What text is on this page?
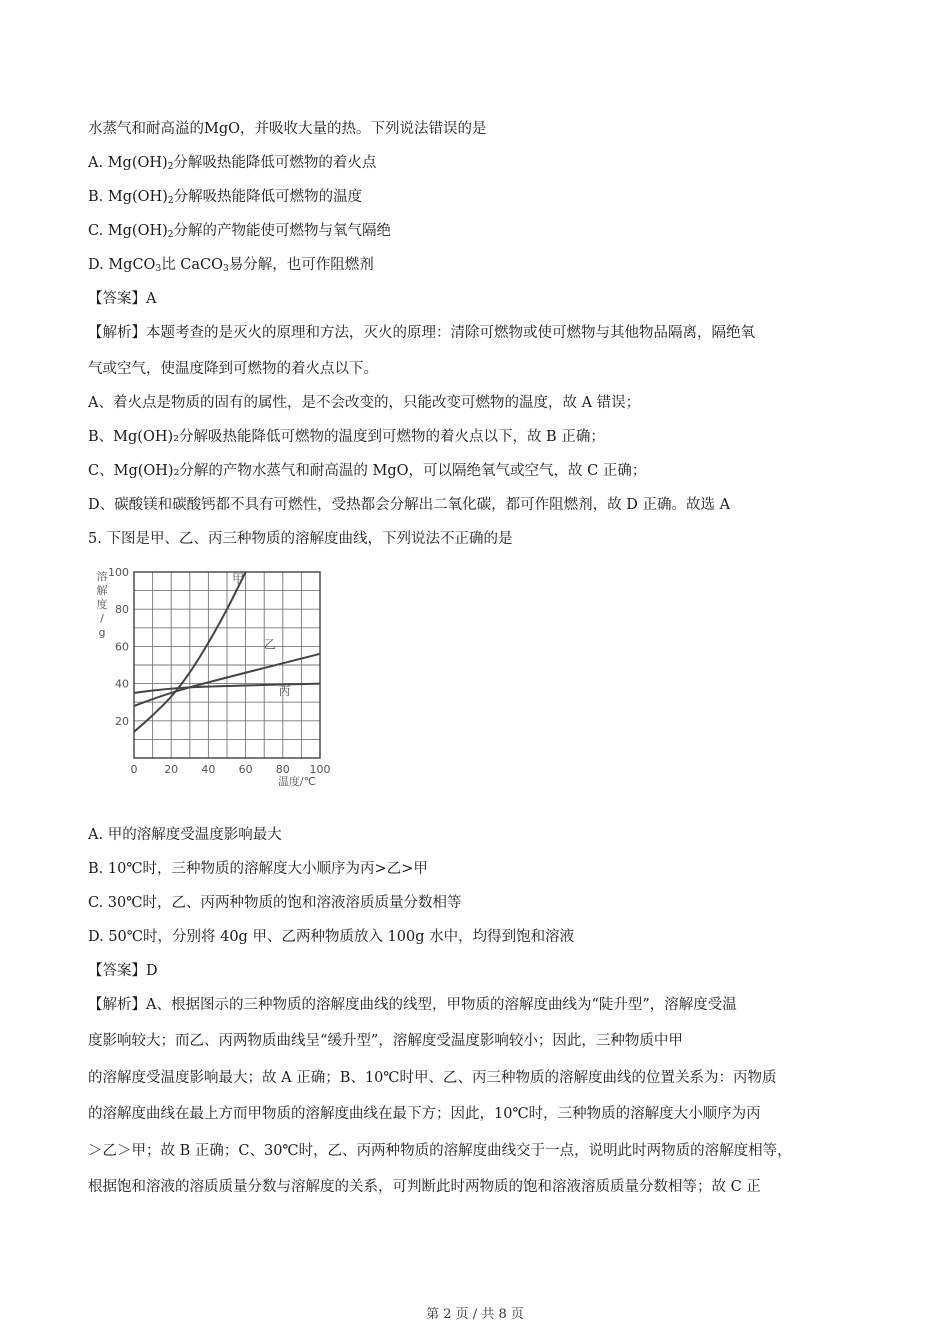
水蒸气和耐高溢的MgO，并吸收大量的热。下列说法错误的是
A. $Mg(OH)_2$分解吸热能降低可燃物的着火点
B. $Mg(OH)_2$分解吸热能降低可燃物的温度
C. $Mg(OH)_2$分解的产物能使可燃物与氧气隔绝
D. MgCO$_3$比 CaCO$_3$易分解，也可作阻燃剂
【答案】A
【解析】本题考查的是灭火的原理和方法，灭火的原理：清除可燃物或使可燃物与其他物品隔离，隔绝氧
气或空气，使温度降到可燃物的着火点以下。
A、着火点是物质的固有的属性，是不会改变的，只能改变可燃物的温度，故 A 错误；
B、Mg(OH)₂分解吸热能降低可燃物的温度到可燃物的着火点以下，故 B 正确；
C、Mg(OH)₂分解的产物水蒸气和耐高温的 MgO，可以隔绝氧气或空气，故 C 正确；
D、碳酸镁和碳酸钙都不具有可燃性，受热都会分解出二氧化碳，都可作阻燃剂，故 D 正确。故选 A
5. 下图是甲、乙、丙三种物质的溶解度曲线，下列说法不正确的是
0 20 40 60 80 100
20
40
60
80
100
溶解度/ g
温度/℃
甲
乙
丙
A. 甲的溶解度受温度影响最大
B. 10℃时，三种物质的溶解度大小顺序为丙>乙>甲
C. 30℃时，乙、丙两种物质的饱和溶液溶质质量分数相等
D. 50℃时，分别将 40g 甲、乙两种物质放入 100g 水中，均得到饱和溶液
【答案】D
【解析】A、根据图示的三种物质的溶解度曲线的线型，甲物质的溶解度曲线为“陡升型”，溶解度受温
度影响较大；而乙、丙两物质曲线呈“缓升型”，溶解度受温度影响较小；因此，三种物质中甲
的溶解度受温度影响最大；故 A 正确；B、10℃时甲、乙、丙三种物质的溶解度曲线的位置关系为：丙物质
的溶解度曲线在最上方而甲物质的溶解度曲线在最下方；因此，10℃时，三种物质的溶解度大小顺序为丙
＞乙＞甲；故 B 正确；C、30℃时，乙、丙两种物质的溶解度曲线交于一点，说明此时两物质的溶解度相等，
根据饱和溶液的溶质质量分数与溶解度的关系，可判断此时两物质的饱和溶液溶质质量分数相等；故 C 正
第 2 页 / 共 8 页
